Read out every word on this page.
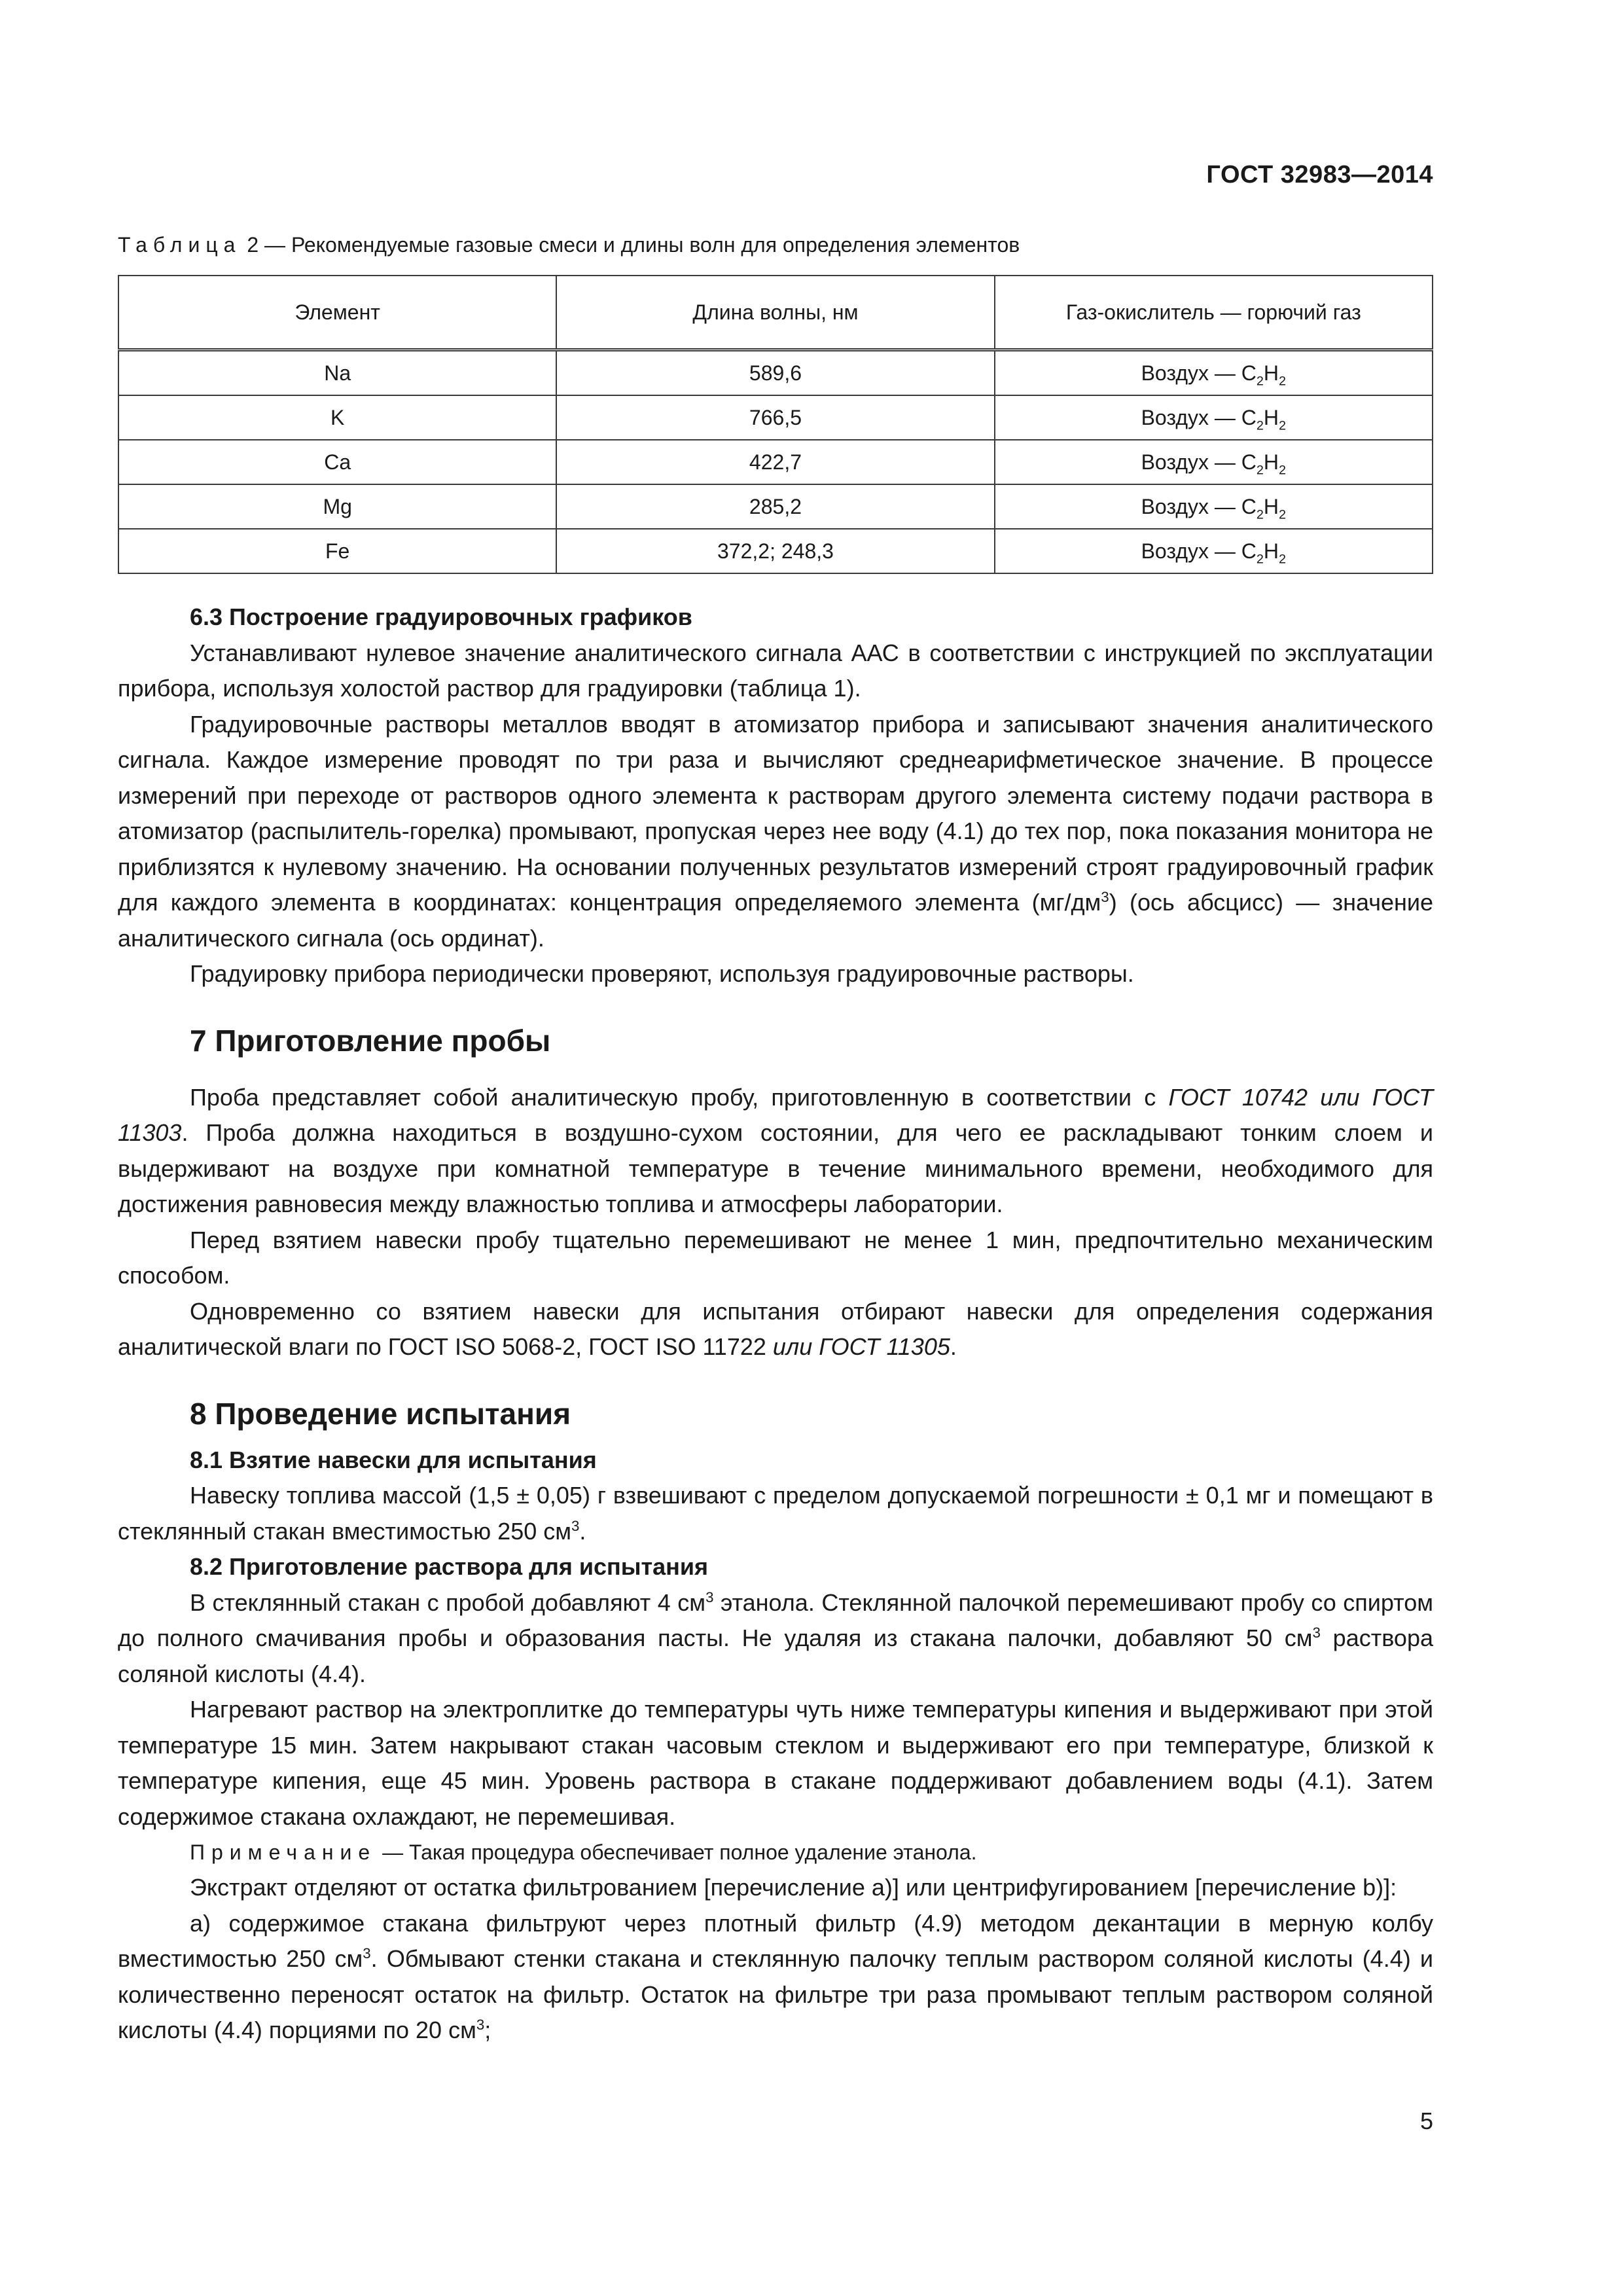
ГОСТ 32983—2014
Таблица 2 — Рекомендуемые газовые смеси и длины волн для определения элементов
Элемент	Длина волны, нм	Газ-окислитель — горючий газ
Na	589,6	Воздух — $C_2H_2$
K	766,5	Воздух — $C_2H_2$
Ca	422,7	Воздух — $C_2H_2$
Mg	285,2	Воздух — $C_2H_2$
Fe	372,2; 248,3	Воздух — $C_2H_2$
6.3 Построение градуировочных графиков

Устанавливают нулевое значение аналитического сигнала ААС в соответствии с инструкцией по эксплуатации прибора, используя холостой раствор для градуировки (таблица 1).

Градуировочные растворы металлов вводят в атомизатор прибора и записывают значения аналитического сигнала. Каждое измерение проводят по три раза и вычисляют среднеарифметическое значение. В процессе измерений при переходе от растворов одного элемента к растворам другого элемента систему подачи раствора в атомизатор (распылитель-горелка) промывают, пропуская через нее воду (4.1) до тех пор, пока показания монитора не приблизятся к нулевому значению. На основании полученных результатов измерений строят градуировочный график для каждого элемента в координатах: концентрация определяемого элемента $(мг/дм^3)$ (ось абсцисс) — значение аналитического сигнала (ось ординат).

Градуировку прибора периодически проверяют, используя градуировочные растворы.

7 Приготовление пробы

Проба представляет собой аналитическую пробу, приготовленную в соответствии с ГОСТ 10742 или ГОСТ 11303. Проба должна находиться в воздушно-сухом состоянии, для чего ее раскладывают тонким слоем и выдерживают на воздухе при комнатной температуре в течение минимального времени, необходимого для достижения равновесия между влажностью топлива и атмосферы лаборатории.

Перед взятием навески пробу тщательно перемешивают не менее 1 мин, предпочтительно механическим способом.

Одновременно со взятием навески для испытания отбирают навески для определения содержания аналитической влаги по ГОСТ ISO 5068-2, ГОСТ ISO 11722 или ГОСТ 11305.

8 Проведение испытания
8.1 Взятие навески для испытания

Навеску топлива массой (1,5 ± 0,05) г взвешивают с пределом допускаемой погрешности ± 0,1 мг и помещают в стеклянный стакан вместимостью 250 $см^3$.

8.2 Приготовление раствора для испытания

В стеклянный стакан с пробой добавляют 4 $см^3$ этанола. Стеклянной палочкой перемешивают пробу со спиртом до полного смачивания пробы и образования пасты. Не удаляя из стакана палочки, добавляют 50 $см^3$ раствора соляной кислоты (4.4).

Нагревают раствор на электроплитке до температуры чуть ниже температуры кипения и выдерживают при этой температуре 15 мин. Затем накрывают стакан часовым стеклом и выдерживают его при температуре, близкой к температуре кипения, еще 45 мин. Уровень раствора в стакане поддерживают добавлением воды (4.1). Затем содержимое стакана охлаждают, не перемешивая.

Примечание — Такая процедура обеспечивает полное удаление этанола.

Экстракт отделяют от остатка фильтрованием [перечисление a)] или центрифугированием [перечисление b)]:

a) содержимое стакана фильтруют через плотный фильтр (4.9) методом декантации в мерную колбу вместимостью 250 $см^3$. Обмывают стенки стакана и стеклянную палочку теплым раствором соляной кислоты (4.4) и количественно переносят остаток на фильтр. Остаток на фильтре три раза промывают теплым раствором соляной кислоты (4.4) порциями по 20 $см^3$;

5
